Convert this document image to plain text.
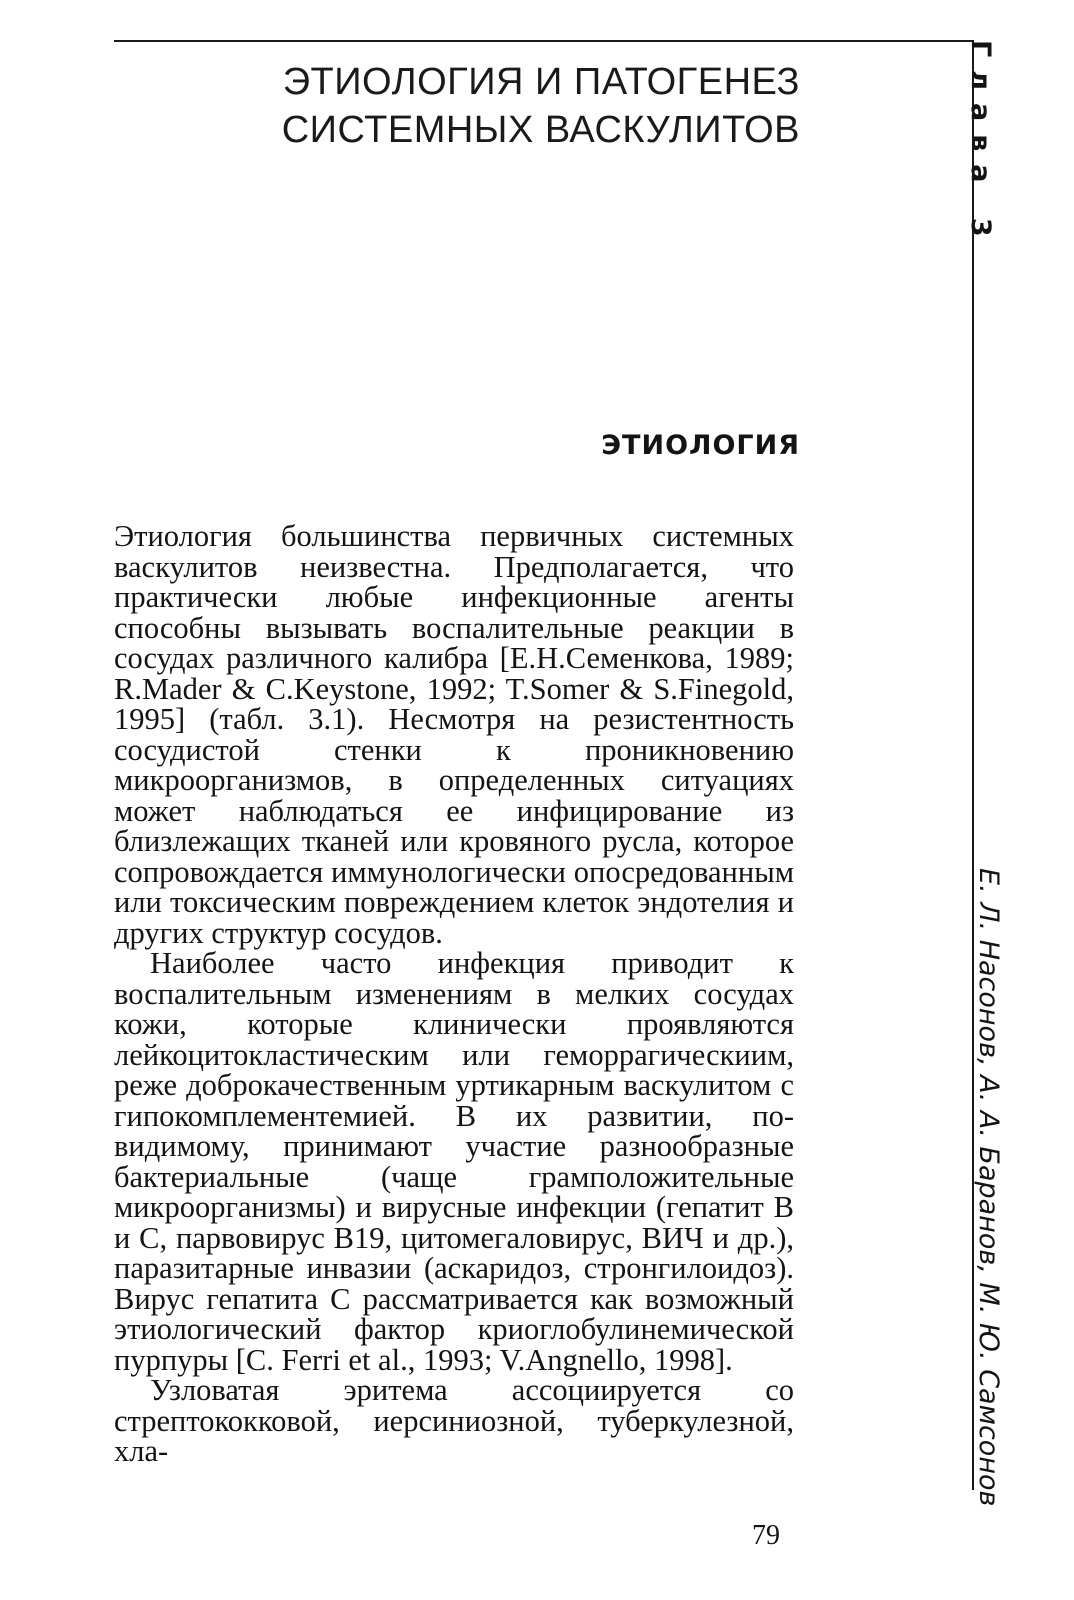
ЭТИОЛОГИЯ И ПАТОГЕНЕЗ
СИСТЕМНЫХ ВАСКУЛИТОВ
ЭТИОЛОГИЯ

Этиология большинства первичных системных васкулитов неизвестна. Предполагается, что практически любые инфекционные агенты способны вызывать воспалительные реакции в сосудах различного калибра [Е.Н.Семенкова, 1989; R.Mader & C.Keystone, 1992; T.Somer & S.Finegold, 1995] (табл. 3.1). Несмотря на резистентность сосудистой стенки к проникновению микроорганизмов, в определенных ситуациях может наблюдаться ее инфицирование из близлежащих тканей или кровяного русла, которое сопровождается иммунологически опосредованным или токсическим повреждением клеток эндотелия и других структур сосудов.

Наиболее часто инфекция приводит к воспалительным изменениям в мелких сосудах кожи, которые клинически проявляются лейкоцитокластическим или геморрагическиим, реже доброкачественным уртикарным васкулитом с гипокомплементемией. В их развитии, по-видимому, принимают участие разнообразные бактериальные (чаще грамположительные микроорганизмы) и вирусные инфекции (гепатит В и С, парвовирус В19, цитомегаловирус, ВИЧ и др.), паразитарные инвазии (аскаридоз, стронгилоидоз). Вирус гепатита С рассматривается как возможный этиологический фактор криоглобулинемической пурпуры [C. Ferri et al., 1993; V.Angnello, 1998].

Узловатая эритема ассоциируется со стрептококковой, иерсиниозной, туберкулезной, хла-

Глава 3
Е. Л. Насонов, А. А. Баранов, М. Ю. Самсонов
79
